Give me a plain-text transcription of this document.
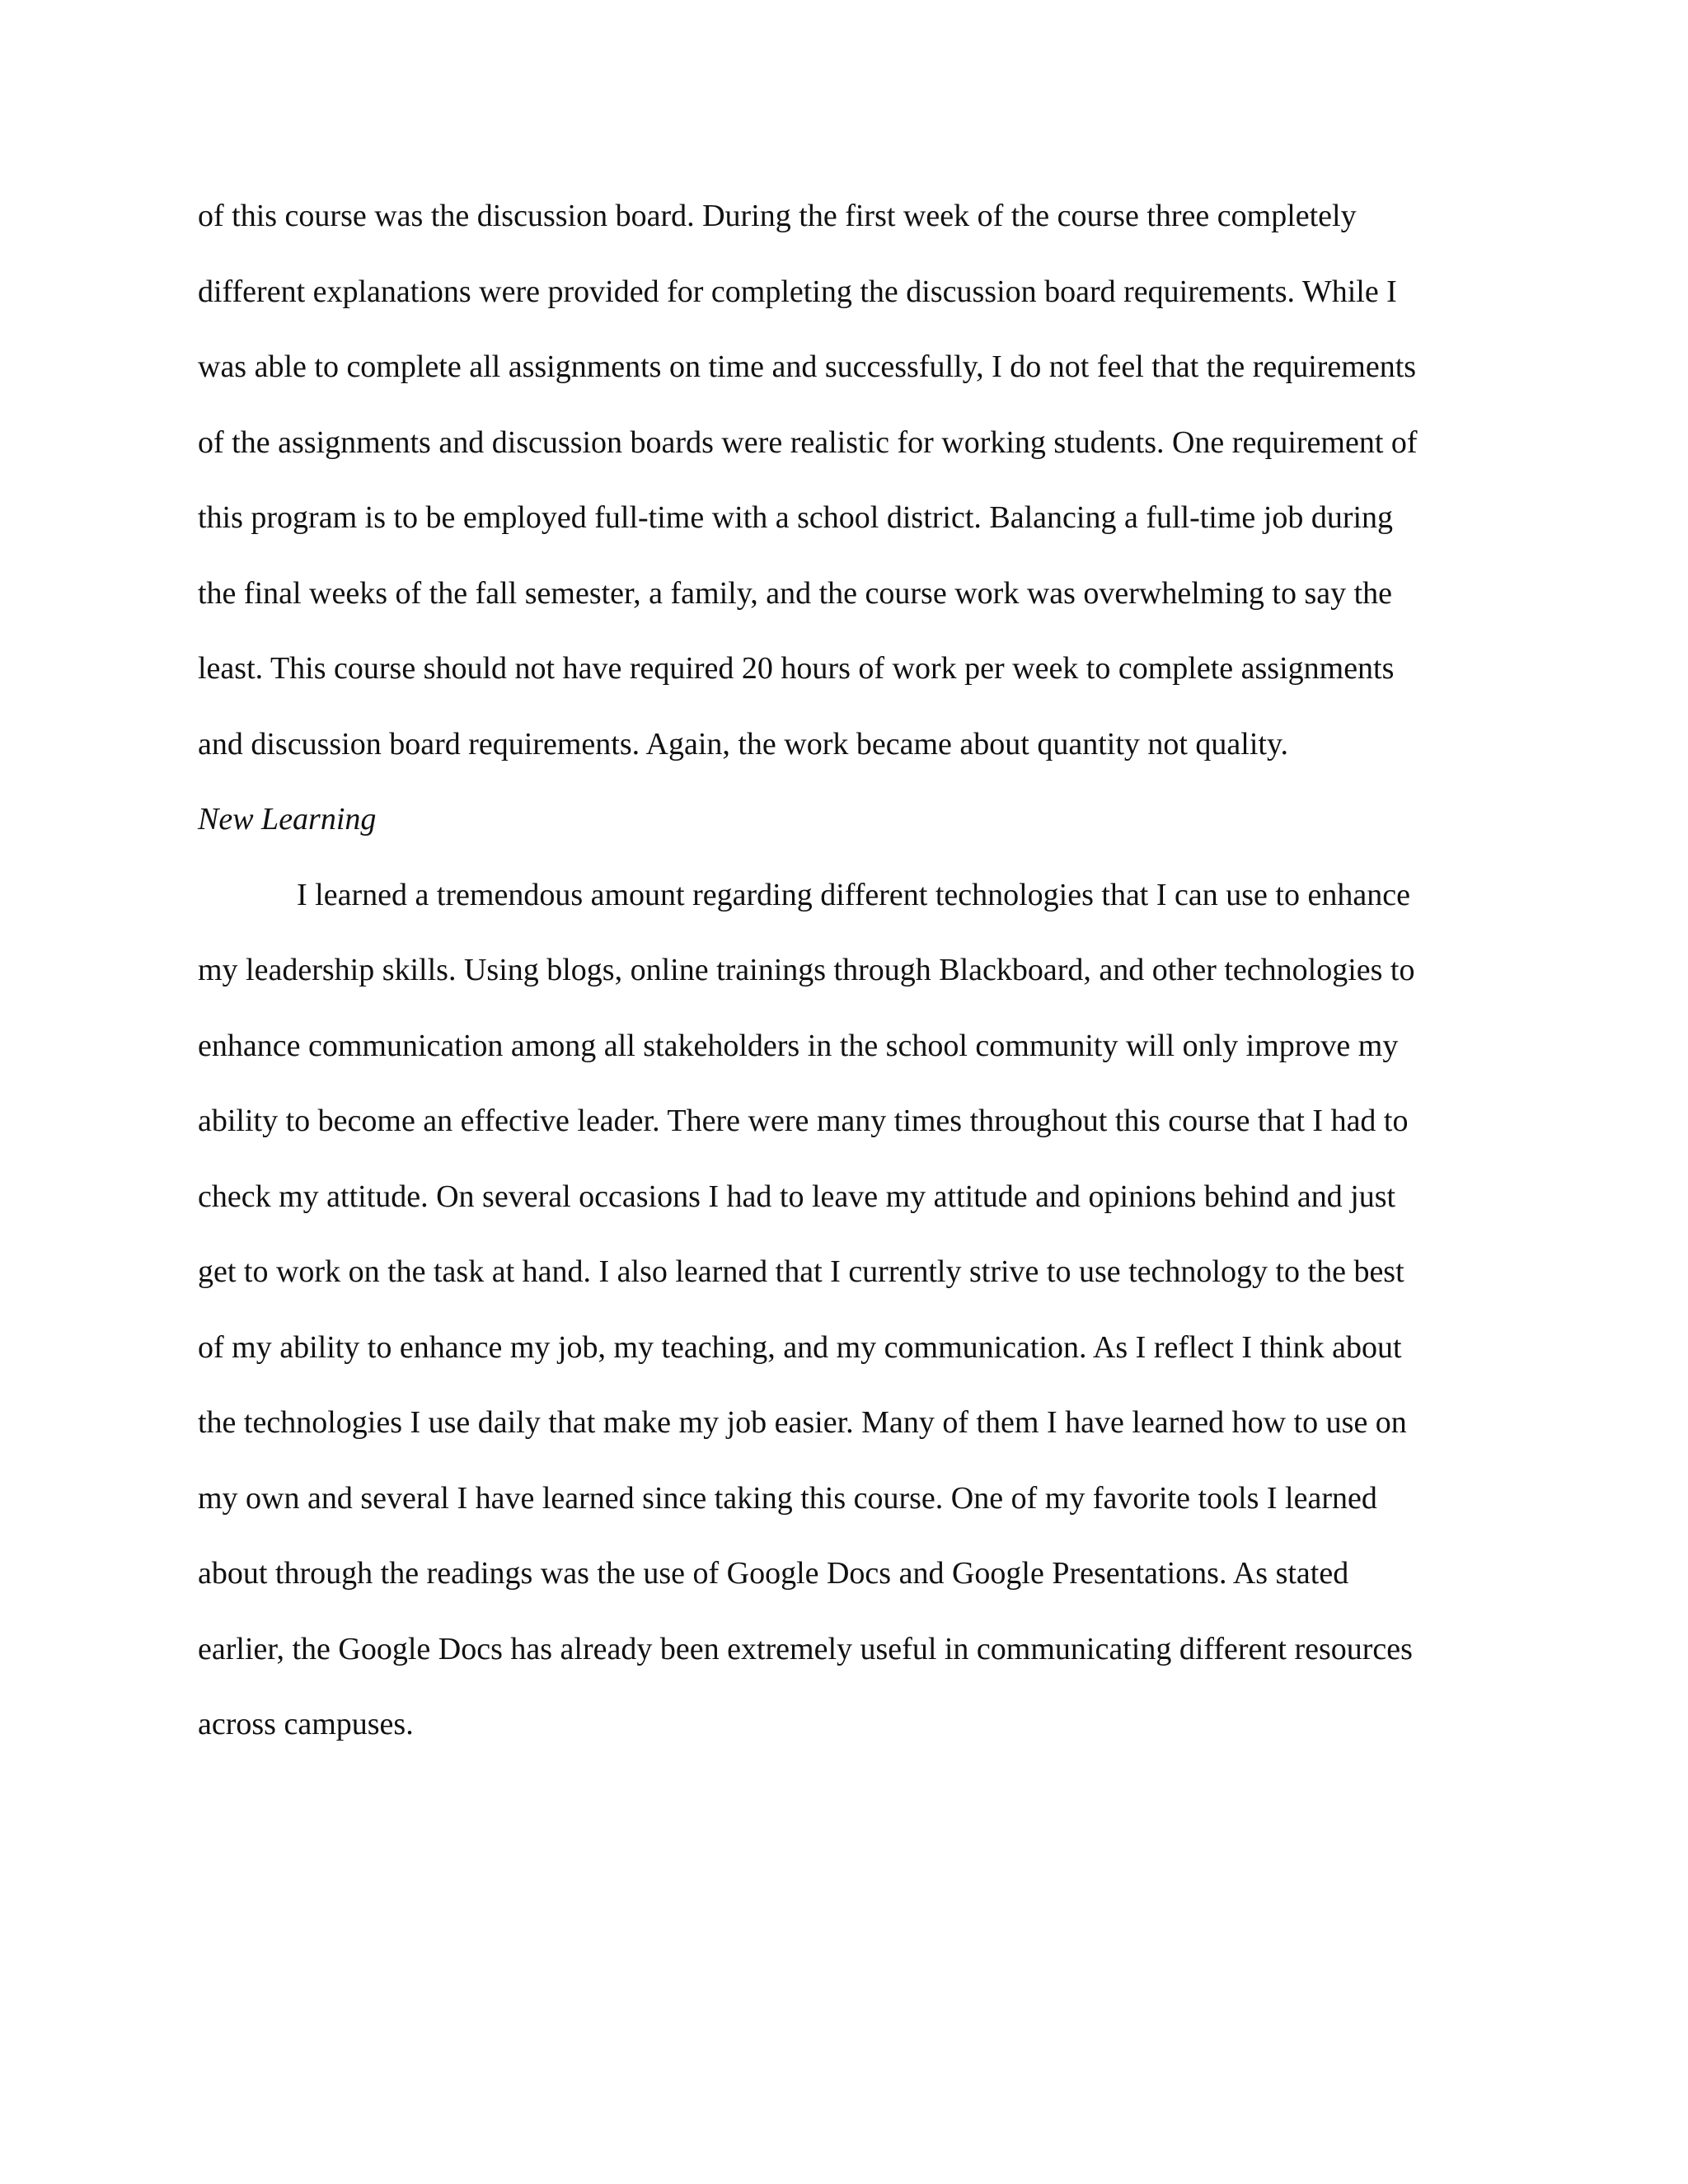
of this course was the discussion board. During the first week of the course three completely
different explanations were provided for completing the discussion board requirements. While I
was able to complete all assignments on time and successfully, I do not feel that the requirements
of the assignments and discussion boards were realistic for working students. One requirement of
this program is to be employed full-time with a school district. Balancing a full-time job during
the final weeks of the fall semester, a family, and the course work was overwhelming to say the
least. This course should not have required 20 hours of work per week to complete assignments
and discussion board requirements. Again, the work became about quantity not quality.
New Learning
I learned a tremendous amount regarding different technologies that I can use to enhance
my leadership skills. Using blogs, online trainings through Blackboard, and other technologies to
enhance communication among all stakeholders in the school community will only improve my
ability to become an effective leader. There were many times throughout this course that I had to
check my attitude. On several occasions I had to leave my attitude and opinions behind and just
get to work on the task at hand. I also learned that I currently strive to use technology to the best
of my ability to enhance my job, my teaching, and my communication. As I reflect I think about
the technologies I use daily that make my job easier. Many of them I have learned how to use on
my own and several I have learned since taking this course. One of my favorite tools I learned
about through the readings was the use of Google Docs and Google Presentations. As stated
earlier, the Google Docs has already been extremely useful in communicating different resources
across campuses.
